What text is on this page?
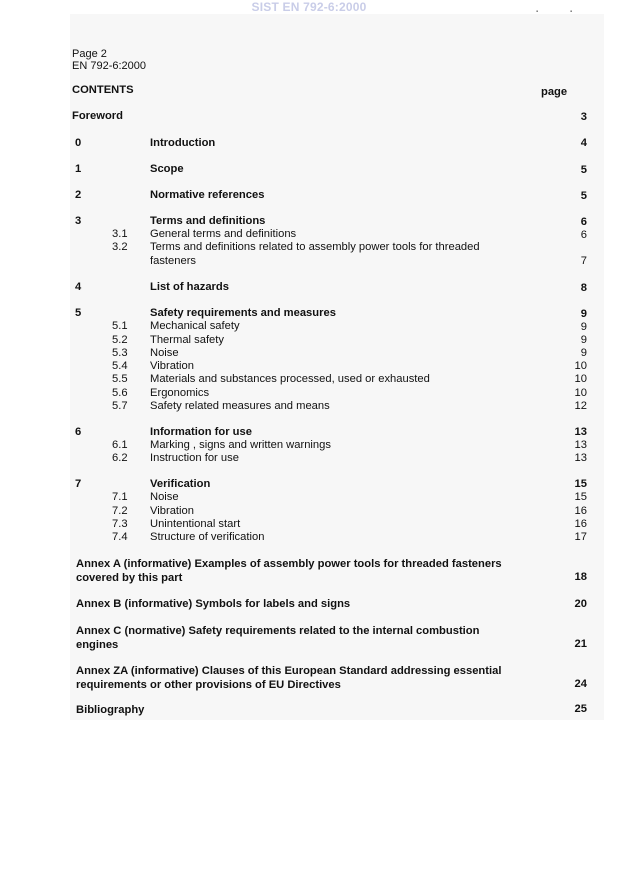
SIST EN 792-6:2000	▪	▪
Page 2
EN 792-6:2000
CONTENTS	page
Foreword	3
0	Introduction	4
1	Scope	5
2	Normative references	5
3	Terms and definitions	6
3.1 General terms and definitions	6
3.2 Terms and definitions related to assembly power tools for threaded
fasteners	7
4	List of hazards	8
5	Safety requirements and measures	9
5.1 Mechanical safety	9
5.2 Thermal safety	9
5.3 Noise	9
5.4 Vibration	10
5.5 Materials and substances processed, used or exhausted	10
5.6 Ergonomics	10
5.7 Safety related measures and means	12
6	Information for use	13
6.1 Marking , signs and written warnings	13
6.2 Instruction for use	13
7	Verification	15
7.1 Noise	15
7.2 Vibration	16
7.3 Unintentional start	16
7.4 Structure of verification	17
Annex A (informative) Examples of assembly power tools for threaded fasteners
covered by this part	18
Annex B (informative) Symbols for labels and signs	20
Annex C (normative) Safety requirements related to the internal combustion
engines	21
Annex ZA (informative) Clauses of this European Standard addressing essential
requirements or other provisions of EU Directives	24
Bibliography	25
